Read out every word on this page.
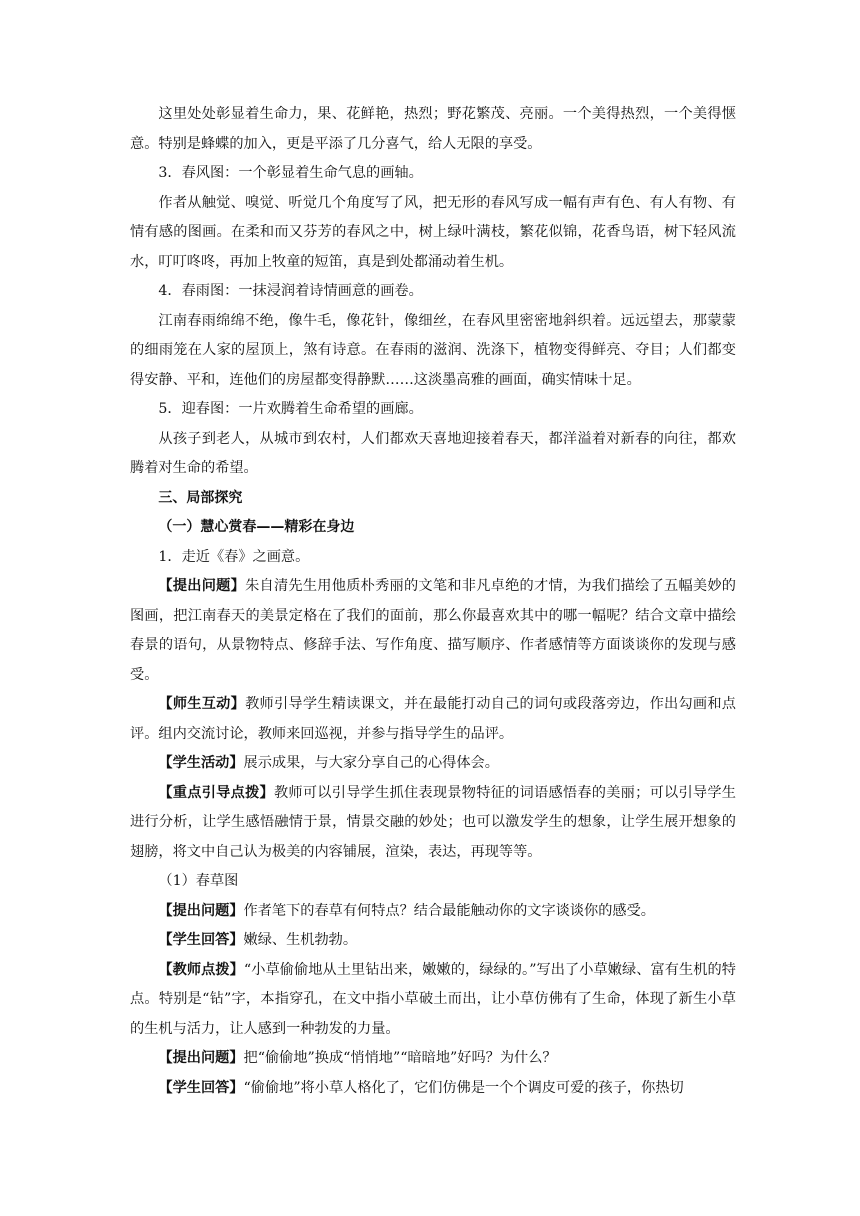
这里处处彰显着生命力，果、花鲜艳，热烈；野花繁茂、亮丽。一个美得热烈，一个美得惬意。特别是蜂蝶的加入，更是平添了几分喜气，给人无限的享受。

3．春风图：一个彰显着生命气息的画轴。

作者从触觉、嗅觉、听觉几个角度写了风，把无形的春风写成一幅有声有色、有人有物、有情有感的图画。在柔和而又芬芳的春风之中，树上绿叶满枝，繁花似锦，花香鸟语，树下轻风流水，叮叮咚咚，再加上牧童的短笛，真是到处都涌动着生机。

4．春雨图：一抹浸润着诗情画意的画卷。

江南春雨绵绵不绝，像牛毛，像花针，像细丝，在春风里密密地斜织着。远远望去，那蒙蒙的细雨笼在人家的屋顶上，煞有诗意。在春雨的滋润、洗涤下，植物变得鲜亮、夺目；人们都变得安静、平和，连他们的房屋都变得静默……这淡墨高雅的画面，确实情味十足。

5．迎春图：一片欢腾着生命希望的画廊。

从孩子到老人，从城市到农村，人们都欢天喜地迎接着春天，都洋溢着对新春的向往，都欢腾着对生命的希望。

三、局部探究

（一）慧心赏春——精彩在身边

1．走近《春》之画意。

【提出问题】朱自清先生用他质朴秀丽的文笔和非凡卓绝的才情，为我们描绘了五幅美妙的图画，把江南春天的美景定格在了我们的面前，那么你最喜欢其中的哪一幅呢？结合文章中描绘春景的语句，从景物特点、修辞手法、写作角度、描写顺序、作者感情等方面谈谈你的发现与感受。

【师生互动】教师引导学生精读课文，并在最能打动自己的词句或段落旁边，作出勾画和点评。组内交流讨论，教师来回巡视，并参与指导学生的品评。

【学生活动】展示成果，与大家分享自己的心得体会。

【重点引导点拨】教师可以引导学生抓住表现景物特征的词语感悟春的美丽；可以引导学生进行分析，让学生感悟融情于景，情景交融的妙处；也可以激发学生的想象，让学生展开想象的翅膀，将文中自己认为极美的内容铺展，渲染，表达，再现等等。

（1）春草图

【提出问题】作者笔下的春草有何特点？结合最能触动你的文字谈谈你的感受。

【学生回答】嫩绿、生机勃勃。

【教师点拨】“小草偷偷地从土里钻出来，嫩嫩的，绿绿的。”写出了小草嫩绿、富有生机的特点。特别是“钻”字，本指穿孔，在文中指小草破土而出，让小草仿佛有了生命，体现了新生小草的生机与活力，让人感到一种勃发的力量。

【提出问题】把“偷偷地”换成“悄悄地”“暗暗地”好吗？为什么？

【学生回答】“偷偷地”将小草人格化了，它们仿佛是一个个调皮可爱的孩子，你热切
